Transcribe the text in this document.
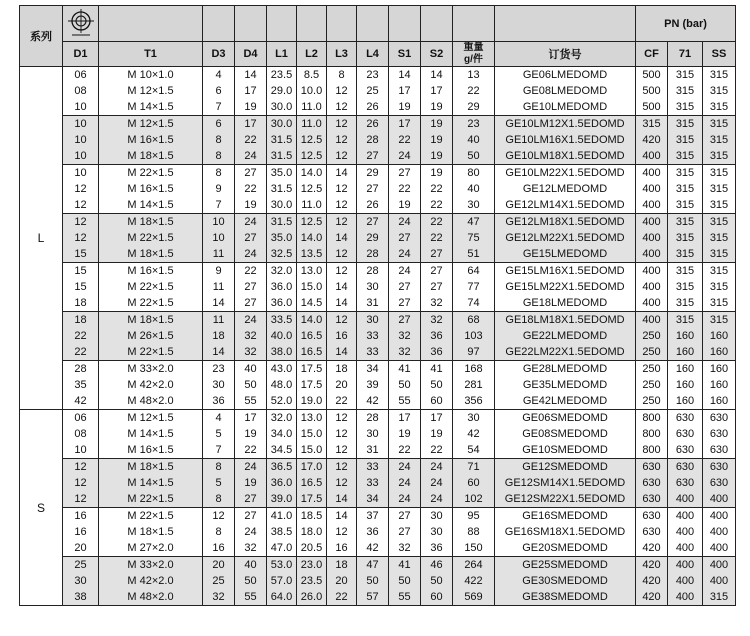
系列													PN (bar)		
	D1	T1	D3	D4	L1	L2	L3	L4	S1	S2	重量
g/件	订货号	CF	71	SS
L	06	M 10×1.0	4	14	23.5	8.5	8	23	14	14	13	GE06LMEDOMD	500	315	315
	08	M 12×1.5	6	17	29.0	10.0	12	25	17	17	22	GE08LMEDOMD	500	315	315
	10	M 14×1.5	7	19	30.0	11.0	12	26	19	19	29	GE10LMEDOMD	500	315	315
	10	M 12×1.5	6	17	30.0	11.0	12	26	17	19	23	GE10LM12X1.5EDOMD	315	315	315
	10	M 16×1.5	8	22	31.5	12.5	12	28	22	19	40	GE10LM16X1.5EDOMD	420	315	315
	10	M 18×1.5	8	24	31.5	12.5	12	27	24	19	50	GE10LM18X1.5EDOMD	400	315	315
	10	M 22×1.5	8	27	35.0	14.0	14	29	27	19	80	GE10LM22X1.5EDOMD	400	315	315
	12	M 16×1.5	9	22	31.5	12.5	12	27	22	22	40	GE12LMEDOMD	400	315	315
	12	M 14×1.5	7	19	30.0	11.0	12	26	19	22	30	GE12LM14X1.5EDOMD	400	315	315
	12	M 18×1.5	10	24	31.5	12.5	12	27	24	22	47	GE12LM18X1.5EDOMD	400	315	315
	12	M 22×1.5	10	27	35.0	14.0	14	29	27	22	75	GE12LM22X1.5EDOMD	400	315	315
	15	M 18×1.5	11	24	32.5	13.5	12	28	24	27	51	GE15LMEDOMD	400	315	315
	15	M 16×1.5	9	22	32.0	13.0	12	28	24	27	64	GE15LM16X1.5EDOMD	400	315	315
	15	M 22×1.5	11	27	36.0	15.0	14	30	27	27	77	GE15LM22X1.5EDOMD	400	315	315
	18	M 22×1.5	14	27	36.0	14.5	14	31	27	32	74	GE18LMEDOMD	400	315	315
	18	M 18×1.5	11	24	33.5	14.0	12	30	27	32	68	GE18LM18X1.5EDOMD	400	315	315
	22	M 26×1.5	18	32	40.0	16.5	16	33	32	36	103	GE22LMEDOMD	250	160	160
	22	M 22×1.5	14	32	38.0	16.5	14	33	32	36	97	GE22LM22X1.5EDOMD	250	160	160
	28	M 33×2.0	23	40	43.0	17.5	18	34	41	41	168	GE28LMEDOMD	250	160	160
	35	M 42×2.0	30	50	48.0	17.5	20	39	50	50	281	GE35LMEDOMD	250	160	160
	42	M 48×2.0	36	55	52.0	19.0	22	42	55	60	356	GE42LMEDOMD	250	160	160
S	06	M 12×1.5	4	17	32.0	13.0	12	28	17	17	30	GE06SMEDOMD	800	630	630
	08	M 14×1.5	5	19	34.0	15.0	12	30	19	19	42	GE08SMEDOMD	800	630	630
	10	M 16×1.5	7	22	34.5	15.0	12	31	22	22	54	GE10SMEDOMD	800	630	630
	12	M 18×1.5	8	24	36.5	17.0	12	33	24	24	71	GE12SMEDOMD	630	630	630
	12	M 14×1.5	5	19	36.0	16.5	12	33	24	24	60	GE12SM14X1.5EDOMD	630	630	630
	12	M 22×1.5	8	27	39.0	17.5	14	34	24	24	102	GE12SM22X1.5EDOMD	630	400	400
	16	M 22×1.5	12	27	41.0	18.5	14	37	27	30	95	GE16SMEDOMD	630	400	400
	16	M 18×1.5	8	24	38.5	18.0	12	36	27	30	88	GE16SM18X1.5EDOMD	630	400	400
	20	M 27×2.0	16	32	47.0	20.5	16	42	32	36	150	GE20SMEDOMD	420	400	400
	25	M 33×2.0	20	40	53.0	23.0	18	47	41	46	264	GE25SMEDOMD	420	400	400
	30	M 42×2.0	25	50	57.0	23.5	20	50	50	50	422	GE30SMEDOMD	420	400	400
	38	M 48×2.0	32	55	64.0	26.0	22	57	55	60	569	GE38SMEDOMD	420	400	315
